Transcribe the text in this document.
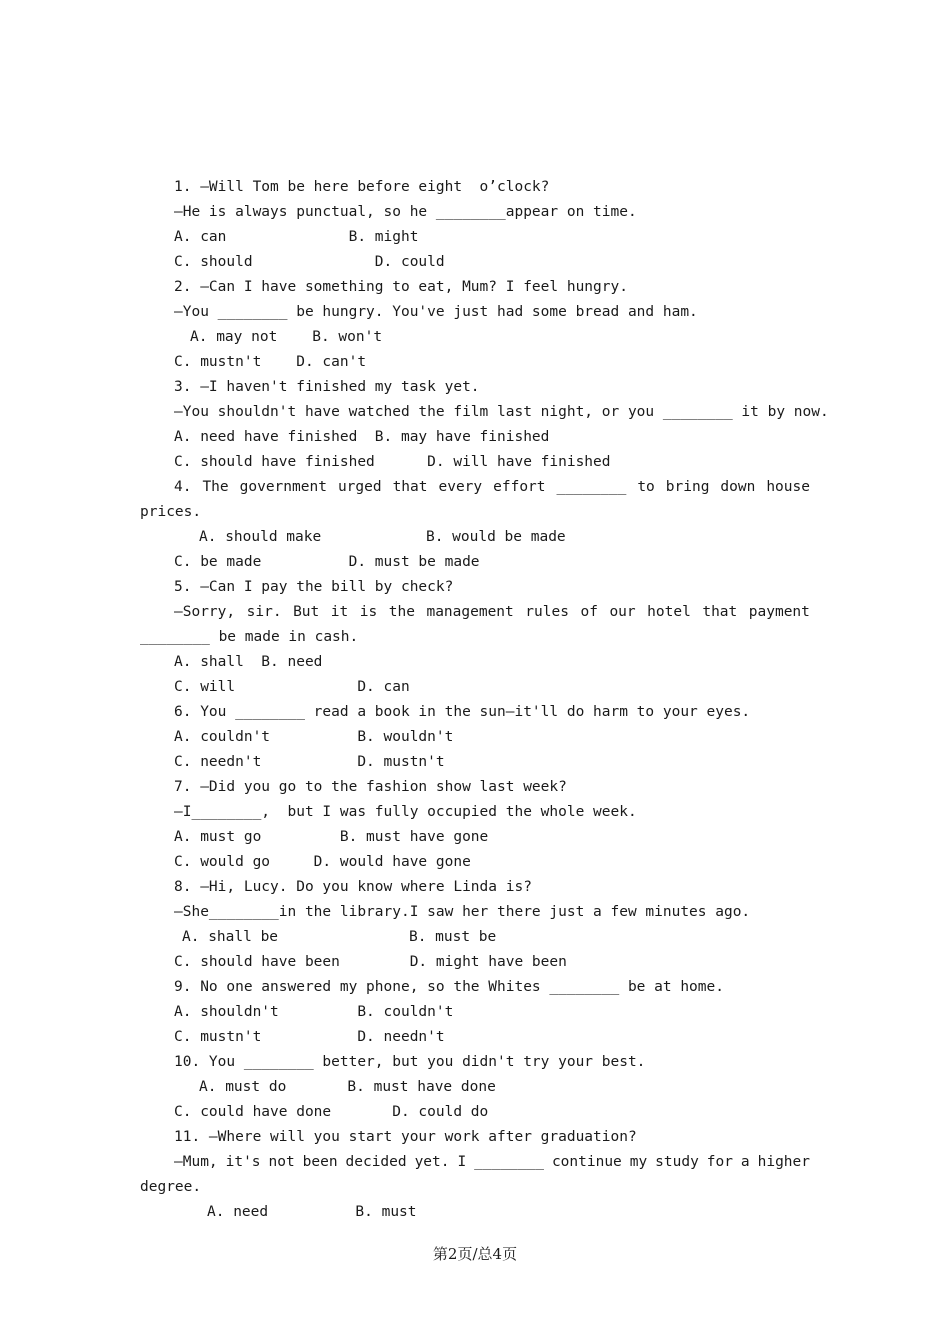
1. —Will Tom be here before eight  o’clock?
—He is always punctual, so he ________appear on time.
A. can              B. might
C. should              D. could
2. —Can I have something to eat, Mum? I feel hungry.
—You ________ be hungry. You've just had some bread and ham.
A. may not    B. won't
C. mustn't    D. can't
3. —I haven't finished my task yet.
—You shouldn't have watched the film last night, or you ________ it by now.
A. need have finished  B. may have finished
C. should have finished      D. will have finished
4. The government urged that every effort ________ to bring down house
prices.
A. should make            B. would be made
C. be made          D. must be made
5. —Can I pay the bill by check?
—Sorry, sir. But it is the management rules of our hotel that payment
________ be made in cash.
A. shall  B. need
C. will              D. can
6. You ________ read a book in the sun—it'll do harm to your eyes.
A. couldn't          B. wouldn't
C. needn't           D. mustn't
7. —Did you go to the fashion show last week?
—I________,  but I was fully occupied the whole week.
A. must go         B. must have gone
C. would go     D. would have gone
8. —Hi, Lucy. Do you know where Linda is?
—She________in the library.I saw her there just a few minutes ago.
A. shall be               B. must be
C. should have been        D. might have been
9. No one answered my phone, so the Whites ________ be at home.
A. shouldn't         B. couldn't
C. mustn't           D. needn't
10. You ________ better, but you didn't try your best.
A. must do       B. must have done
C. could have done       D. could do
11. —Where will you start your work after graduation?
—Mum, it's not been decided yet. I ________ continue my study for a higher
degree.
A. need          B. must
第2页/总4页
